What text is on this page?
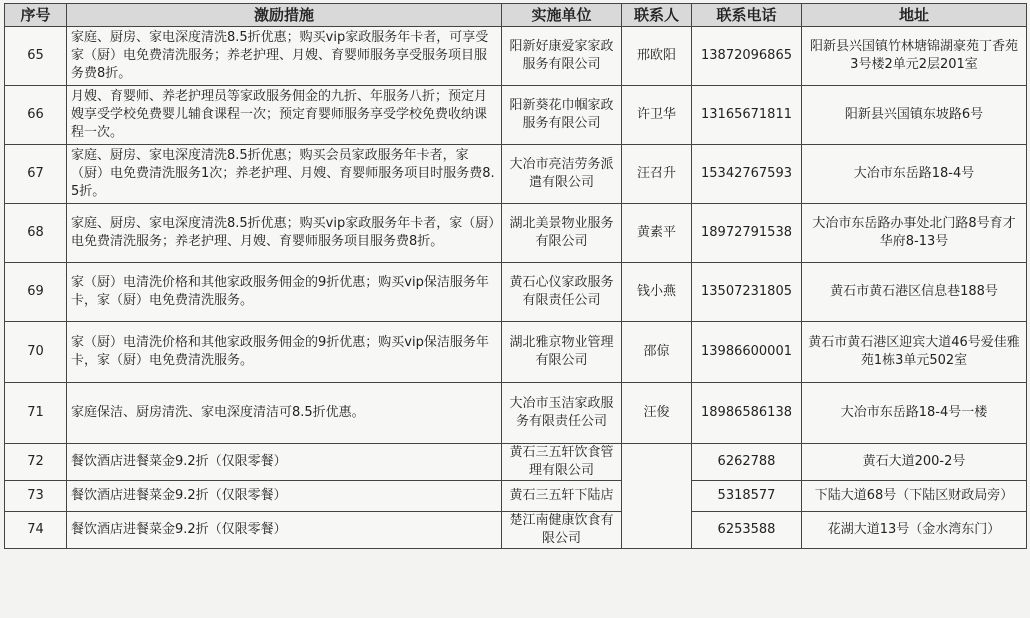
序号	激励措施	实施单位	联系人	联系电话	地址
65	家庭、厨房、家电深度清洗8.5折优惠；购买vip家政服务年卡者，可享受家（厨）电免费清洗服务；养老护理、月嫂、育婴师服务享受服务项目服务费8折。	阳新好康爱家家政服务有限公司	邢欧阳	13872096865	阳新县兴国镇竹林塘锦湖豪苑丁香苑3号楼2单元2层201室
66	月嫂、育婴师、养老护理员等家政服务佣金的九折、年服务八折；预定月嫂享受学校免费婴儿辅食课程一次；预定育婴师服务享受学校免费收纳课程一次。	阳新葵花巾帼家政服务有限公司	许卫华	13165671811	阳新县兴国镇东坡路6号
67	家庭、厨房、家电深度清洗8.5折优惠；购买会员家政服务年卡者，家（厨）电免费清洗服务1次；养老护理、月嫂、育婴师服务项目时服务费8.5折。	大冶市亮洁劳务派遣有限公司	汪召升	15342767593	大冶市东岳路18-4号
68	家庭、厨房、家电深度清洗8.5折优惠；购买vip家政服务年卡者，家（厨）电免费清洗服务；养老护理、月嫂、育婴师服务项目服务费8折。	湖北美景物业服务有限公司	黄素平	18972791538	大冶市东岳路办事处北门路8号育才华府8-13号
69	家（厨）电清洗价格和其他家政服务佣金的9折优惠；购买vip保洁服务年卡，家（厨）电免费清洗服务。	黄石心仪家政服务有限责任公司	钱小燕	13507231805	黄石市黄石港区信息巷188号
70	家（厨）电清洗价格和其他家政服务佣金的9折优惠；购买vip保洁服务年卡，家（厨）电免费清洗服务。	湖北雅京物业管理有限公司	邵倞	13986600001	黄石市黄石港区迎宾大道46号爱佳雅苑1栋3单元502室
71	家庭保洁、厨房清洗、家电深度清洁可8.5折优惠。	大冶市玉洁家政服务有限责任公司	汪俊	18986586138	大冶市东岳路18-4号一楼
72	餐饮酒店进餐菜金9.2折（仅限零餐）	黄石三五轩饮食管理有限公司		6262788	黄石大道200-2号
73	餐饮酒店进餐菜金9.2折（仅限零餐）	黄石三五轩下陆店		5318577	下陆大道68号（下陆区财政局旁）
74	餐饮酒店进餐菜金9.2折（仅限零餐）	楚江南健康饮食有限公司		6253588	花湖大道13号（金水湾东门）
